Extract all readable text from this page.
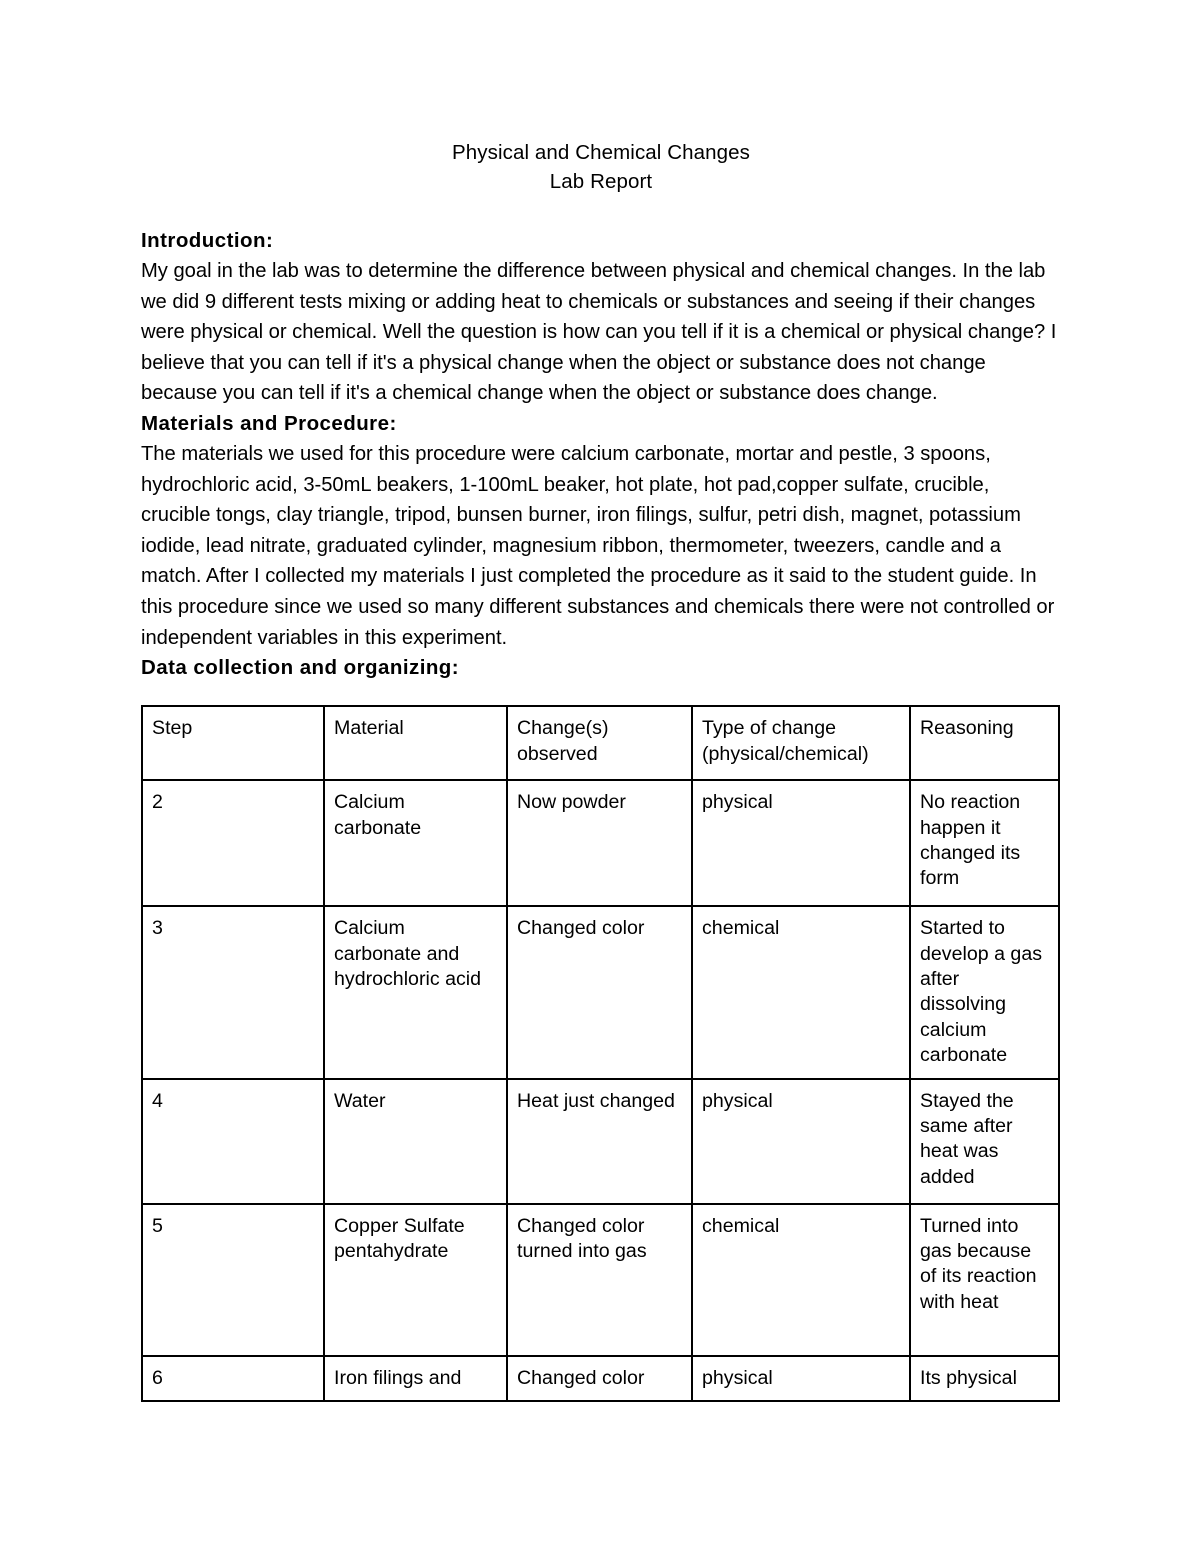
Physical and Chemical Changes
Lab Report
Introduction:
My goal in the lab was to determine the difference between physical and chemical changes. In the lab we did 9 different tests mixing or adding heat to chemicals or substances and seeing if their changes were physical or chemical. Well the question is how can you tell if it is a chemical or physical change? I believe that you can tell if it's a physical change when the object or substance does not change because you can tell if it's a chemical change when the object or substance does change.
Materials and Procedure:
The materials we used for this procedure were calcium carbonate, mortar and pestle, 3 spoons, hydrochloric acid, 3-50mL beakers, 1-100mL beaker, hot plate, hot pad,copper sulfate, crucible, crucible tongs, clay triangle, tripod, bunsen burner, iron filings, sulfur, petri dish, magnet, potassium iodide, lead nitrate, graduated cylinder, magnesium ribbon, thermometer, tweezers, candle and a match. After I collected my materials I just completed the procedure as it said to the student guide. In this procedure since we used so many different substances and chemicals there were not controlled or independent variables in this experiment.
Data collection and organizing:
Step	Material	Change(s) observed	Type of change (physical/chemical)	Reasoning
2	Calcium carbonate	Now powder	physical	No reaction happen it changed its form
3	Calcium carbonate and hydrochloric acid	Changed color	chemical	Started to develop a gas after dissolving calcium carbonate
4	Water	Heat just changed	physical	Stayed the same after heat was added
5	Copper Sulfate pentahydrate	Changed color turned into gas	chemical	Turned into gas because of its reaction with heat
6	Iron filings and	Changed color	physical	Its physical
